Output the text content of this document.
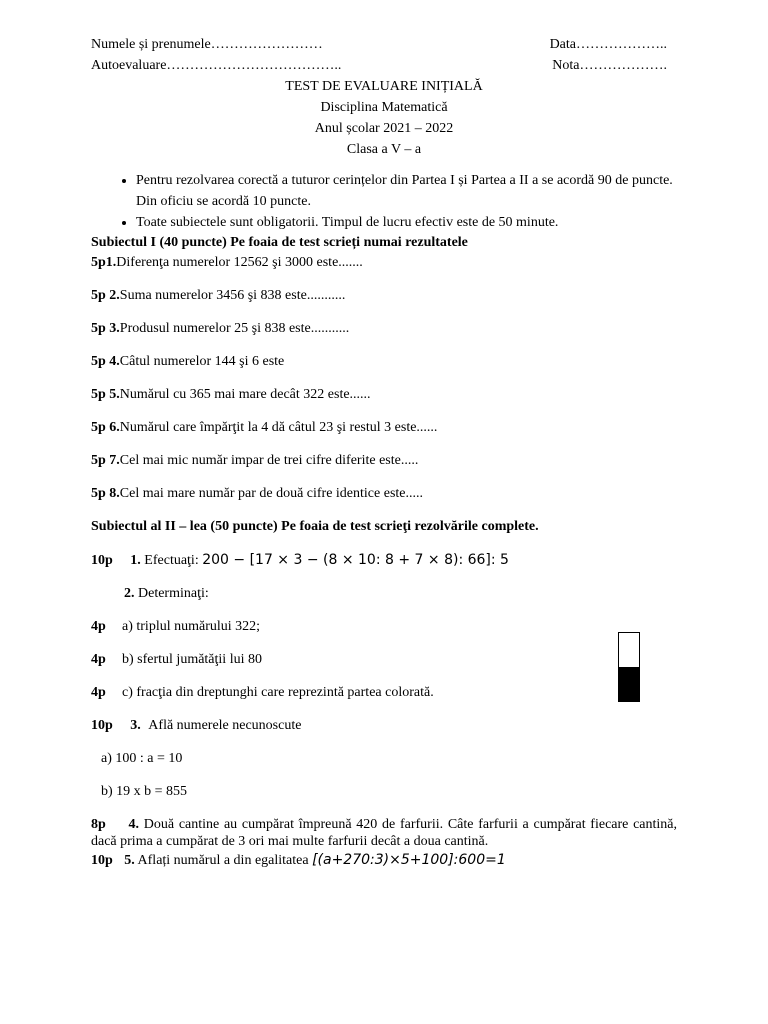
Numele și prenumele……………………	Data………………..
Autoevaluare………………………………..	Nota……………….
TEST DE EVALUARE INIȚIALĂ
Disciplina Matematică
Anul școlar 2021 – 2022
Clasa a V – a
• Pentru rezolvarea corectă a tuturor cerințelor din Partea I și Partea a II a se acordă 90 de puncte. Din oficiu se acordă 10 puncte.
• Toate subiectele sunt obligatorii. Timpul de lucru efectiv este de 50 minute.
Subiectul I (40 puncte) Pe foaia de test scrieți numai rezultatele
5p1.Diferenţa numerelor 12562 şi 3000 este.......
5p 2.Suma numerelor 3456 şi 838 este...........
5p 3.Produsul numerelor 25 şi 838 este...........
5p 4.Câtul numerelor 144 şi 6 este
5p 5.Numărul cu 365 mai mare decât 322 este......
5p 6.Numărul care împărţit la 4 dă câtul 23 şi restul 3 este......
5p 7.Cel mai mic număr impar de trei cifre diferite este.....
5p 8.Cel mai mare număr par de două cifre identice este.....
Subiectul al II – lea (50 puncte) Pe foaia de test scrieţi rezolvările complete.
10p 1. Efectuaţi: 200 − [17 × 3 − (8 × 10: 8 + 7 × 8): 66]: 5
2. Determinaţi:
4p a) triplul numărului 322;
4p b) sfertul jumătăţii lui 80
4p c) fracţia din dreptunghi care reprezintă partea colorată.
10p 3. Află numerele necunoscute
a) 100 : a = 10
b) 19 x b = 855
8p 4. Două cantine au cumpărat împreună 420 de farfurii. Câte farfurii a cumpărat fiecare cantină, dacă prima a cumpărat de 3 ori mai multe farfurii decât a doua cantină.
10p 5. Aflați numărul a din egalitatea [(a+270:3)×5+100]:600=1
